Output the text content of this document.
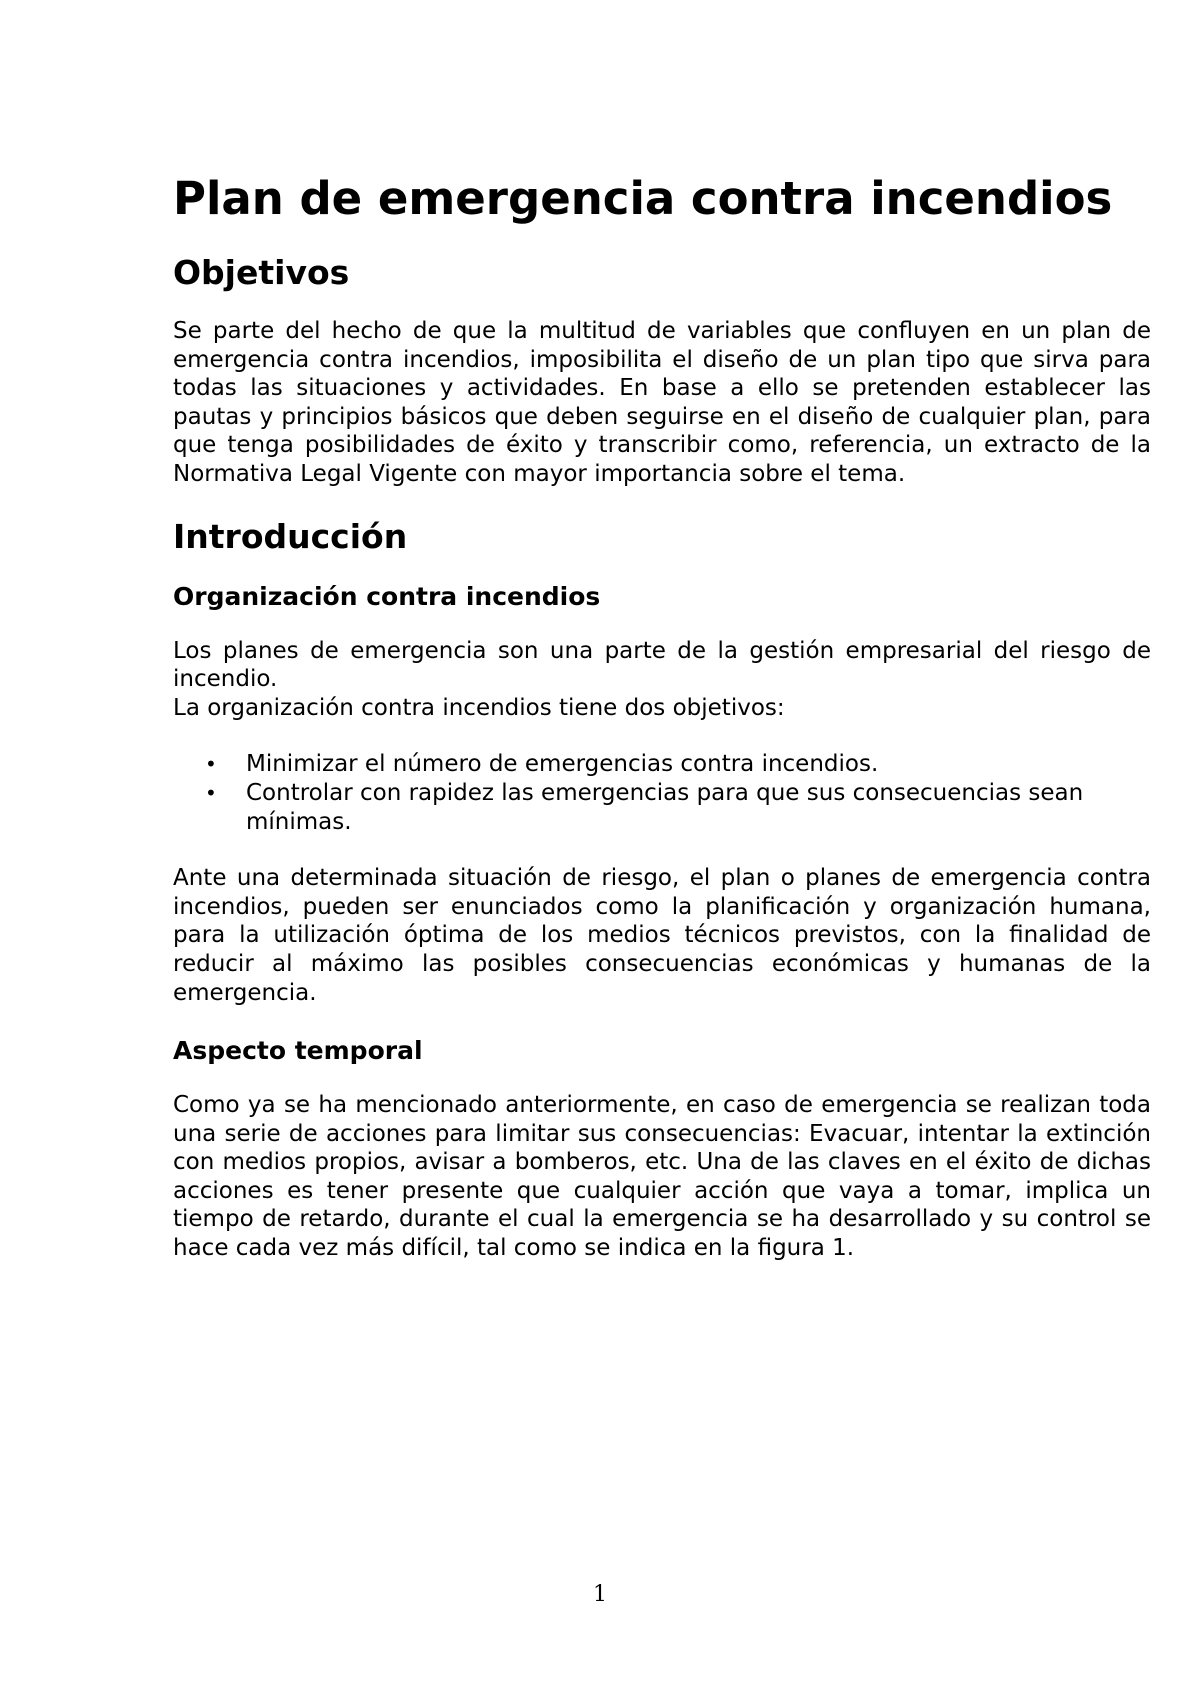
Plan de emergencia contra incendios
Objetivos

Se parte del hecho de que la multitud de variables que confluyen en un plan de emergencia contra incendios, imposibilita el diseño de un plan tipo que sirva para todas las situaciones y actividades. En base a ello se pretenden establecer las pautas y principios básicos que deben seguirse en el diseño de cualquier plan, para que tenga posibilidades de éxito y transcribir como, referencia, un extracto de la Normativa Legal Vigente con mayor importancia sobre el tema.

Introducción
Organización contra incendios

Los planes de emergencia son una parte de la gestión empresarial del riesgo de incendio.

La organización contra incendios tiene dos objetivos:

• Minimizar el número de emergencias contra incendios.
• Controlar con rapidez las emergencias para que sus consecuencias sean mínimas.

Ante una determinada situación de riesgo, el plan o planes de emergencia contra incendios, pueden ser enunciados como la planificación y organización humana, para la utilización óptima de los medios técnicos previstos, con la finalidad de reducir al máximo las posibles consecuencias económicas y humanas de la emergencia.

Aspecto temporal

Como ya se ha mencionado anteriormente, en caso de emergencia se realizan toda una serie de acciones para limitar sus consecuencias: Evacuar, intentar la extinción con medios propios, avisar a bomberos, etc. Una de las claves en el éxito de dichas acciones es tener presente que cualquier acción que vaya a tomar, implica un tiempo de retardo, durante el cual la emergencia se ha desarrollado y su control se hace cada vez más difícil, tal como se indica en la figura 1.

1
